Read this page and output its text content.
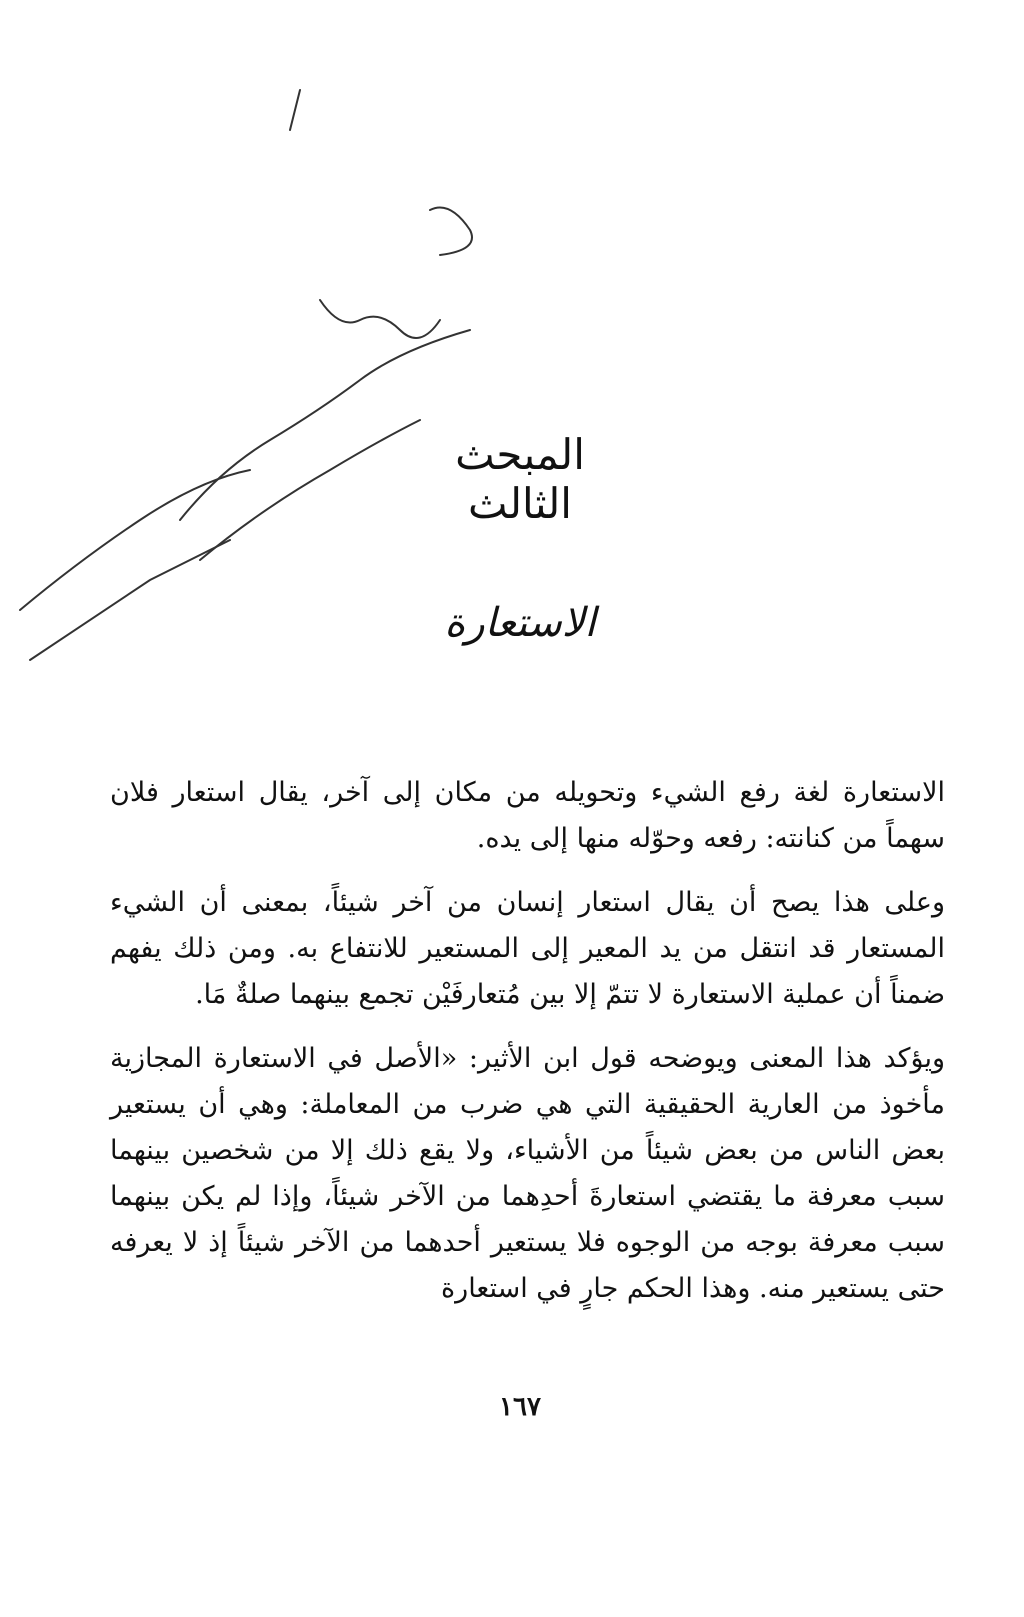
المبحث الثالث
الاستعارة

الاستعارة لغة رفع الشيء وتحويله من مكان إلى آخر، يقال استعار فلان سهماً من كنانته: رفعه وحوّله منها إلى يده.

وعلى هذا يصح أن يقال استعار إنسان من آخر شيئاً، بمعنى أن الشيء المستعار قد انتقل من يد المعير إلى المستعير للانتفاع به. ومن ذلك يفهم ضمناً أن عملية الاستعارة لا تتمّ إلا بين مُتعارفَيْن تجمع بينهما صلةٌ مَا.

ويؤكد هذا المعنى ويوضحه قول ابن الأثير: «الأصل في الاستعارة المجازية مأخوذ من العارية الحقيقية التي هي ضرب من المعاملة: وهي أن يستعير بعض الناس من بعض شيئاً من الأشياء، ولا يقع ذلك إلا من شخصين بينهما سبب معرفة ما يقتضي استعارةَ أحدِهما من الآخر شيئاً، وإذا لم يكن بينهما سبب معرفة بوجه من الوجوه فلا يستعير أحدهما من الآخر شيئاً إذ لا يعرفه حتى يستعير منه. وهذا الحكم جارٍ في استعارة

١٦٧
